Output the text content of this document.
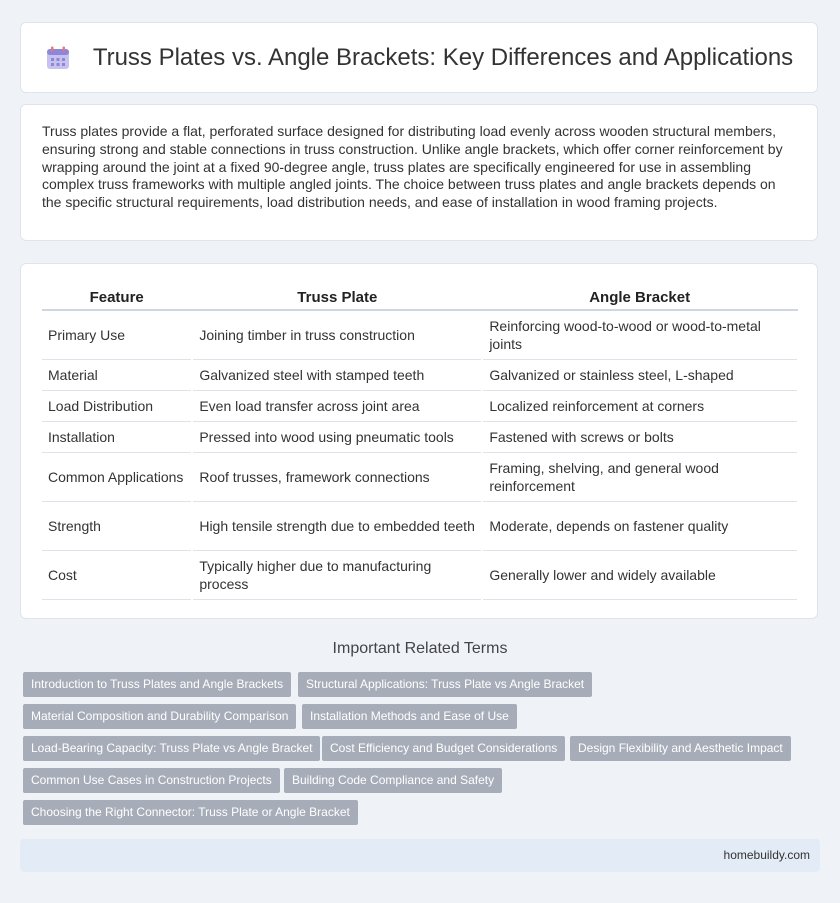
Truss Plates vs. Angle Brackets: Key Differences and Applications

Truss plates provide a flat, perforated surface designed for distributing load evenly across wooden structural members, ensuring strong and stable connections in truss construction. Unlike angle brackets, which offer corner reinforcement by wrapping around the joint at a fixed 90-degree angle, truss plates are specifically engineered for use in assembling complex truss frameworks with multiple angled joints. The choice between truss plates and angle brackets depends on the specific structural requirements, load distribution needs, and ease of installation in wood framing projects.

Feature	Truss Plate	Angle Bracket
Primary Use	Joining timber in truss construction	Reinforcing wood-to-wood or wood-to-metal joints
Material	Galvanized steel with stamped teeth	Galvanized or stainless steel, L-shaped
Load Distribution	Even load transfer across joint area	Localized reinforcement at corners
Installation	Pressed into wood using pneumatic tools	Fastened with screws or bolts
Common Applications	Roof trusses, framework connections	Framing, shelving, and general wood reinforcement
Strength	High tensile strength due to embedded teeth	Moderate, depends on fastener quality
Cost	Typically higher due to manufacturing process	Generally lower and widely available
Important Related Terms
Introduction to Truss Plates and Angle Brackets	Structural Applications: Truss Plate vs Angle Bracket
Material Composition and Durability Comparison	Installation Methods and Ease of Use
Load-Bearing Capacity: Truss Plate vs Angle Bracket	Cost Efficiency and Budget Considerations	Design Flexibility and Aesthetic Impact
Common Use Cases in Construction Projects	Building Code Compliance and Safety
Choosing the Right Connector: Truss Plate or Angle Bracket
homebuildy.com
